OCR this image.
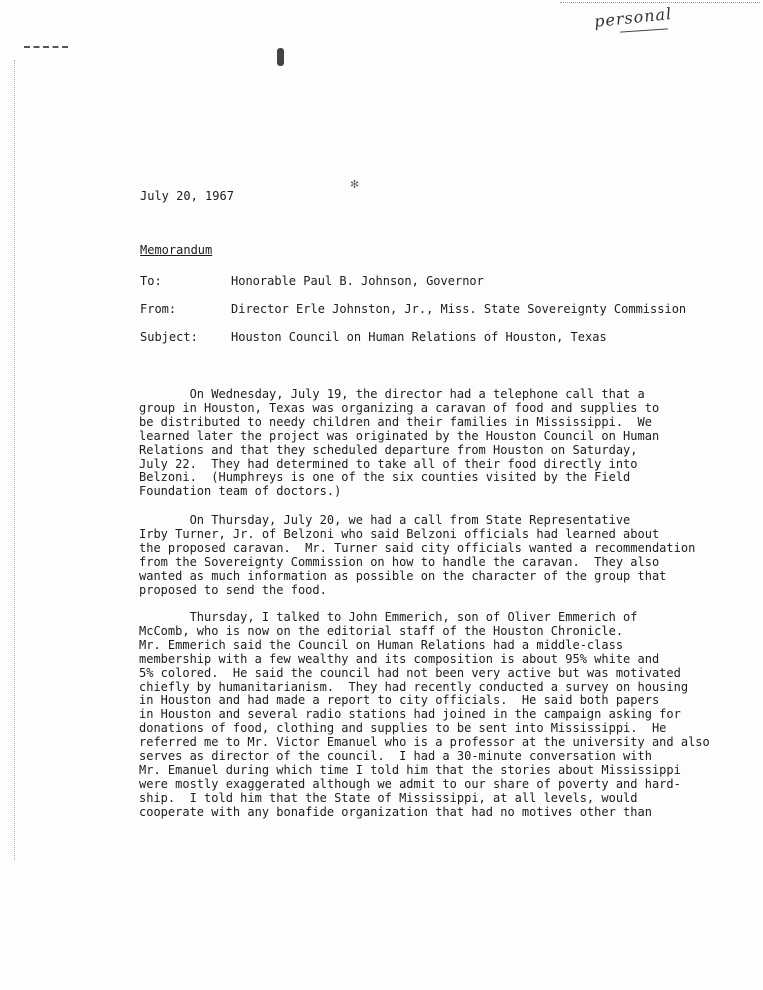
✻
personal
July 20, 1967
Memorandum
To:	Honorable Paul B. Johnson, Governor
From:	Director Erle Johnston, Jr., Miss. State Sovereignty Commission
Subject:	Houston Council on Human Relations of Houston, Texas
On Wednesday, July 19, the director had a telephone call that a
group in Houston, Texas was organizing a caravan of food and supplies to
be distributed to needy children and their families in Mississippi.  We
learned later the project was originated by the Houston Council on Human
Relations and that they scheduled departure from Houston on Saturday,
July 22.  They had determined to take all of their food directly into
Belzoni.  (Humphreys is one of the six counties visited by the Field
Foundation team of doctors.)
On Thursday, July 20, we had a call from State Representative
Irby Turner, Jr. of Belzoni who said Belzoni officials had learned about
the proposed caravan.  Mr. Turner said city officials wanted a recommendation
from the Sovereignty Commission on how to handle the caravan.  They also
wanted as much information as possible on the character of the group that
proposed to send the food.
Thursday, I talked to John Emmerich, son of Oliver Emmerich of
McComb, who is now on the editorial staff of the Houston Chronicle.
Mr. Emmerich said the Council on Human Relations had a middle-class
membership with a few wealthy and its composition is about 95% white and
5% colored.  He said the council had not been very active but was motivated
chiefly by humanitarianism.  They had recently conducted a survey on housing
in Houston and had made a report to city officials.  He said both papers
in Houston and several radio stations had joined in the campaign asking for
donations of food, clothing and supplies to be sent into Mississippi.  He
referred me to Mr. Victor Emanuel who is a professor at the university and also
serves as director of the council.  I had a 30-minute conversation with
Mr. Emanuel during which time I told him that the stories about Mississippi
were mostly exaggerated although we admit to our share of poverty and hard-
ship.  I told him that the State of Mississippi, at all levels, would
cooperate with any bonafide organization that had no motives other than
